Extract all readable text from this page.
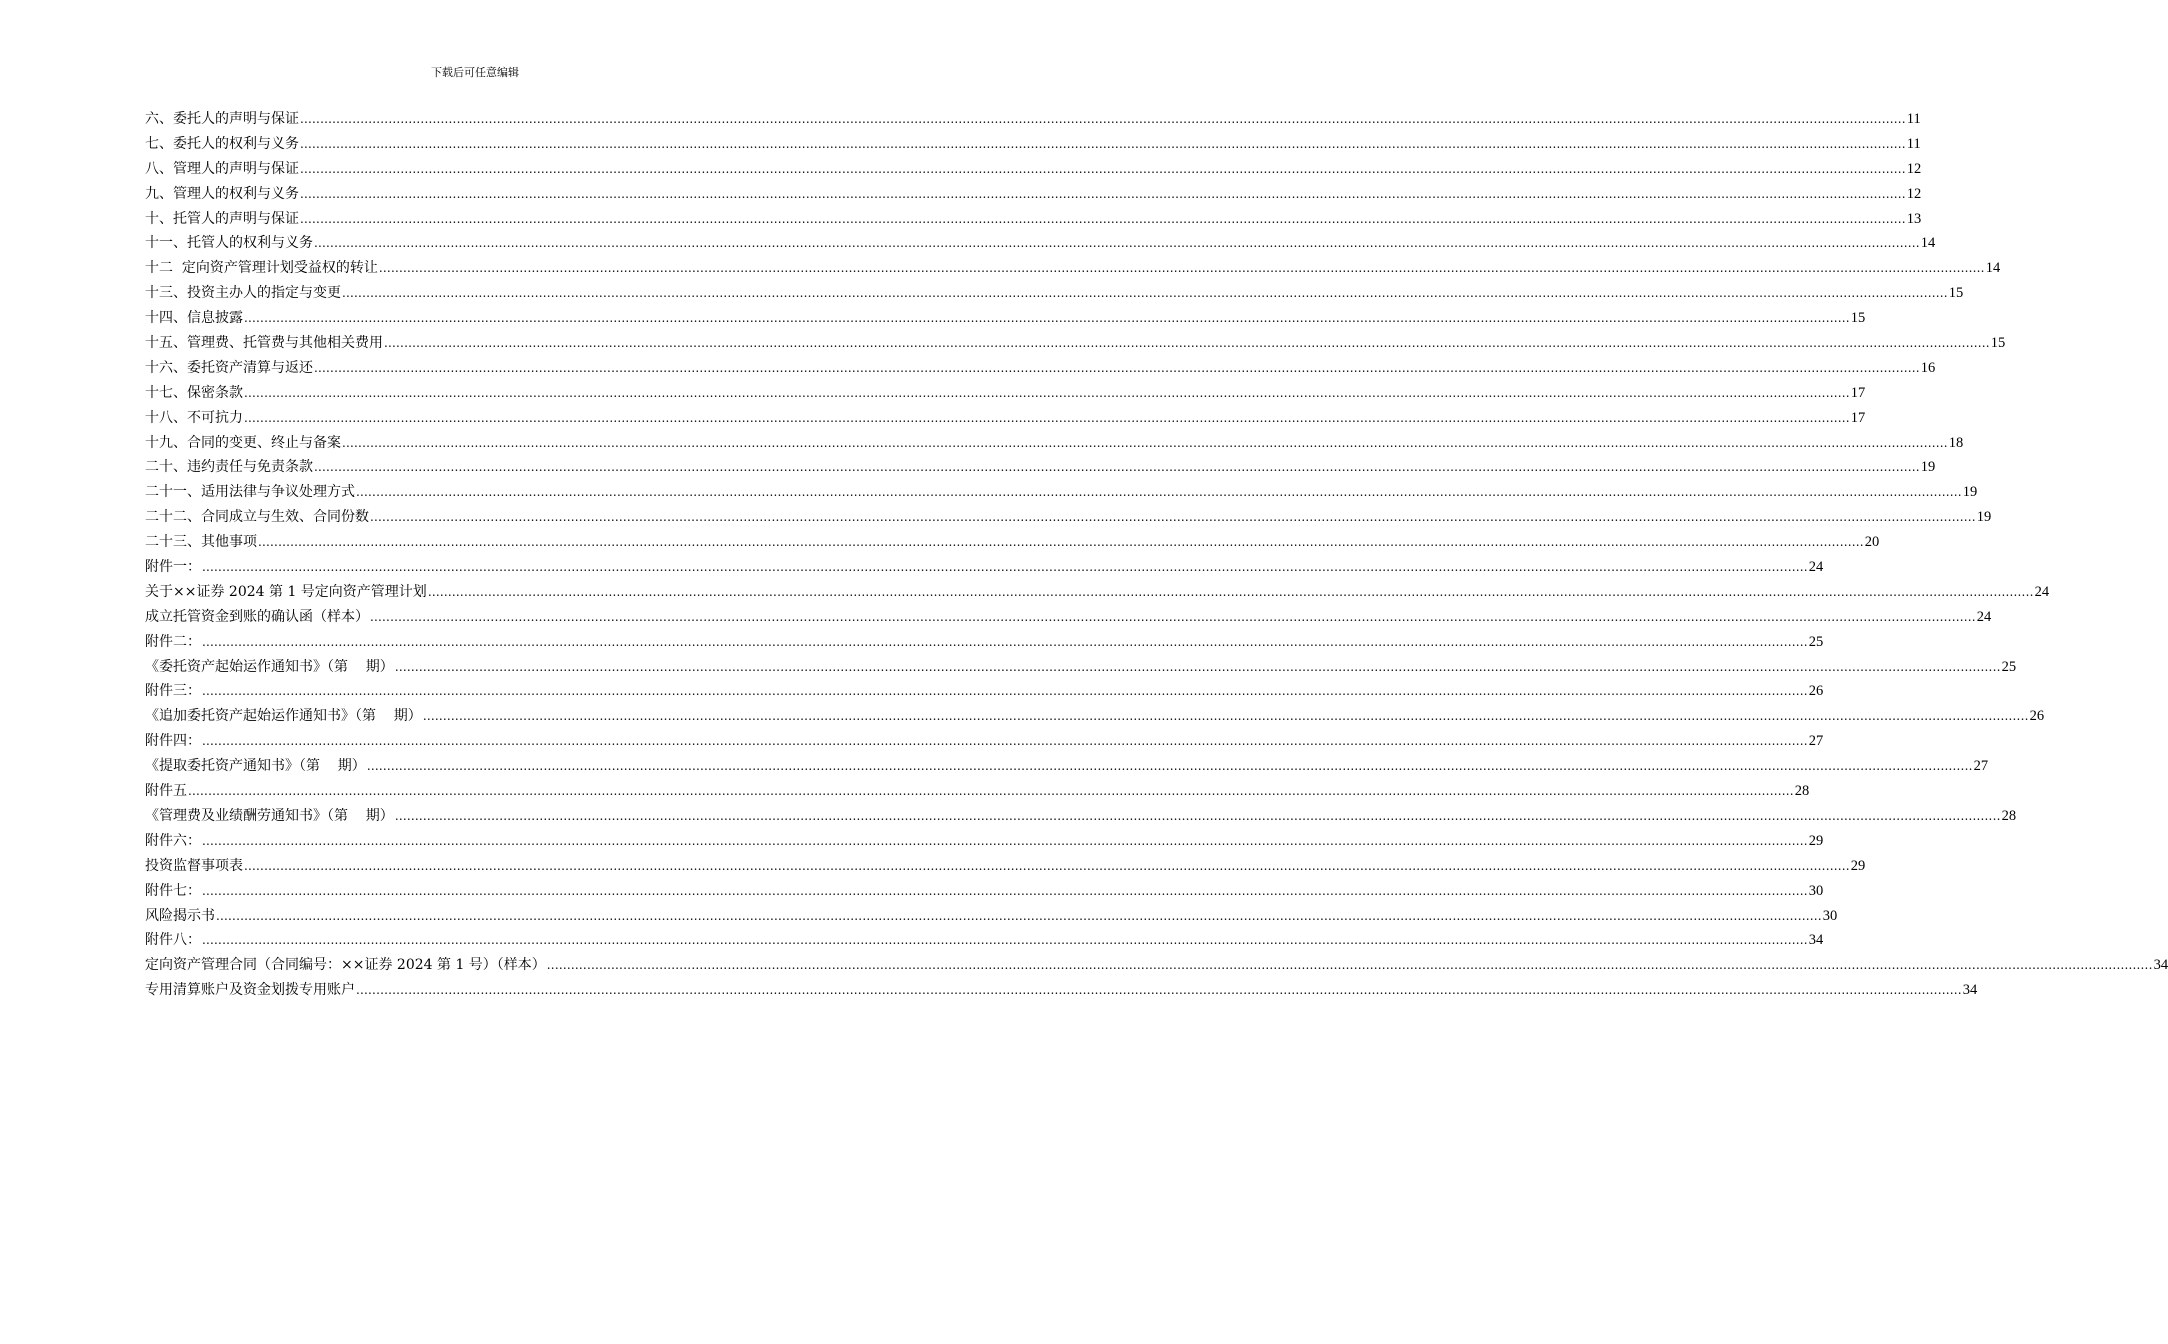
下载后可任意编辑
六、委托人的声明与保证 ................................................................................................................................................................................................................................................................................................................................................................................................................ 11
七、委托人的权利与义务 ................................................................................................................................................................................................................................................................................................................................................................................................................ 11
八、管理人的声明与保证 ................................................................................................................................................................................................................................................................................................................................................................................................................ 12
九、管理人的权利与义务 ................................................................................................................................................................................................................................................................................................................................................................................................................ 12
十、托管人的声明与保证 ................................................................................................................................................................................................................................................................................................................................................................................................................ 13
十一、托管人的权利与义务 ................................................................................................................................................................................................................................................................................................................................................................................................................ 14
十二  定向资产管理计划受益权的转让 ................................................................................................................................................................................................................................................................................................................................................................................................................ 14
十三、投资主办人的指定与变更 ................................................................................................................................................................................................................................................................................................................................................................................................................ 15
十四、信息披露 ................................................................................................................................................................................................................................................................................................................................................................................................................ 15
十五、管理费、托管费与其他相关费用 ................................................................................................................................................................................................................................................................................................................................................................................................................ 15
十六、委托资产清算与返还 ................................................................................................................................................................................................................................................................................................................................................................................................................ 16
十七、保密条款 ................................................................................................................................................................................................................................................................................................................................................................................................................ 17
十八、不可抗力 ................................................................................................................................................................................................................................................................................................................................................................................................................ 17
十九、合同的变更、终止与备案 ................................................................................................................................................................................................................................................................................................................................................................................................................ 18
二十、违约责任与免责条款 ................................................................................................................................................................................................................................................................................................................................................................................................................ 19
二十一、适用法律与争议处理方式 ................................................................................................................................................................................................................................................................................................................................................................................................................ 19
二十二、合同成立与生效、合同份数 ................................................................................................................................................................................................................................................................................................................................................................................................................ 19
二十三、其他事项 ................................................................................................................................................................................................................................................................................................................................................................................................................ 20
附件一： ................................................................................................................................................................................................................................................................................................................................................................................................................ 24
关于××证券 2024 第 1 号定向资产管理计划 ................................................................................................................................................................................................................................................................................................................................................................................................................ 24
成立托管资金到账的确认函（样本） ................................................................................................................................................................................................................................................................................................................................................................................................................ 24
附件二： ................................................................................................................................................................................................................................................................................................................................................................................................................ 25
《委托资产起始运作通知书》（第    期） ................................................................................................................................................................................................................................................................................................................................................................................................................ 25
附件三： ................................................................................................................................................................................................................................................................................................................................................................................................................ 26
《追加委托资产起始运作通知书》（第    期） ................................................................................................................................................................................................................................................................................................................................................................................................................ 26
附件四： ................................................................................................................................................................................................................................................................................................................................................................................................................ 27
《提取委托资产通知书》（第    期） ................................................................................................................................................................................................................................................................................................................................................................................................................ 27
附件五 ................................................................................................................................................................................................................................................................................................................................................................................................................ 28
《管理费及业绩酬劳通知书》（第    期） ................................................................................................................................................................................................................................................................................................................................................................................................................ 28
附件六： ................................................................................................................................................................................................................................................................................................................................................................................................................ 29
投资监督事项表 ................................................................................................................................................................................................................................................................................................................................................................................................................ 29
附件七： ................................................................................................................................................................................................................................................................................................................................................................................................................ 30
风险揭示书 ................................................................................................................................................................................................................................................................................................................................................................................................................ 30
附件八： ................................................................................................................................................................................................................................................................................................................................................................................................................ 34
定向资产管理合同（合同编号：××证券 2024 第 1 号）（样本） ................................................................................................................................................................................................................................................................................................................................................................................................................ 34
专用清算账户及资金划拨专用账户 ................................................................................................................................................................................................................................................................................................................................................................................................................ 34
